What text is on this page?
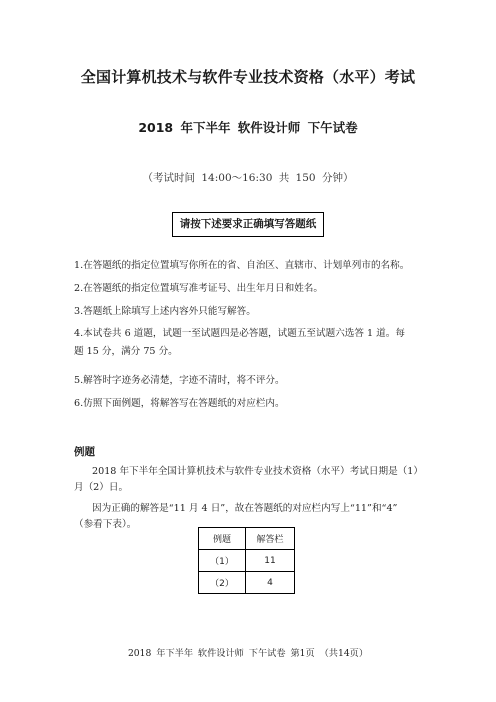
全国计算机技术与软件专业技术资格（水平）考试
2018 年下半年 软件设计师 下午试卷
（考试时间 14:00～16:30 共 150 分钟）
请按下述要求正确填写答题纸
1.在答题纸的指定位置填写你所在的省、自治区、直辖市、计划单列市的名称。
2.在答题纸的指定位置填写准考证号、出生年月日和姓名。
3.答题纸上除填写上述内容外只能写解答。
4.本试卷共 6 道题，试题一至试题四是必答题，试题五至试题六选答 1 道。每
题 15 分，满分 75 分。
5.解答时字迹务必清楚，字迹不清时，将不评分。
6.仿照下面例题，将解答写在答题纸的对应栏内。
例题
2018 年下半年全国计算机技术与软件专业技术资格（水平）考试日期是（1）
月（2）日。
因为正确的解答是“11 月 4 日”，故在答题纸的对应栏内写上“11”和“4”
（参看下表）。
例题	解答栏
（1）	11
（2）	4
2018 年下半年 软件设计师 下午试卷 第1页 （共14页）
